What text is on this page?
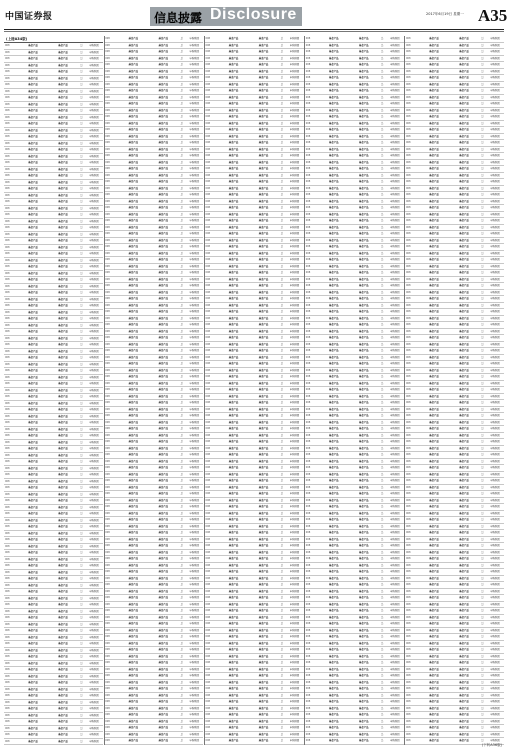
中国证券报	信息披露 Disclosure	2017年6月19日 星期一 A35
(上接A34版)
008	基金产品	基金产品	是	申购赎回
008	基金产品	基金产品	是	申购赎回
008	基金产品	基金产品	是	申购赎回
008	基金产品	基金产品	是	申购赎回
008	基金产品	基金产品	是	申购赎回
008	基金产品	基金产品	是	申购赎回
008	基金产品	基金产品	是	申购赎回
008	基金产品	基金产品	是	申购赎回
008	基金产品	基金产品	是	申购赎回
008	基金产品	基金产品	是	申购赎回
008	基金产品	基金产品	是	申购赎回
008	基金产品	基金产品	是	申购赎回
008	基金产品	基金产品	是	申购赎回
008	基金产品	基金产品	是	申购赎回
008	基金产品	基金产品	是	申购赎回
008	基金产品	基金产品	是	申购赎回
008	基金产品	基金产品	是	申购赎回
008	基金产品	基金产品	是	申购赎回
008	基金产品	基金产品	是	申购赎回
008	基金产品	基金产品	是	申购赎回
008	基金产品	基金产品	是	申购赎回
008	基金产品	基金产品	是	申购赎回
008	基金产品	基金产品	是	申购赎回
008	基金产品	基金产品	是	申购赎回
008	基金产品	基金产品	是	申购赎回
008	基金产品	基金产品	是	申购赎回
008	基金产品	基金产品	是	申购赎回
008	基金产品	基金产品	是	申购赎回
008	基金产品	基金产品	是	申购赎回
008	基金产品	基金产品	是	申购赎回
008	基金产品	基金产品	是	申购赎回
008	基金产品	基金产品	是	申购赎回
008	基金产品	基金产品	是	申购赎回
008	基金产品	基金产品	是	申购赎回
008	基金产品	基金产品	是	申购赎回
008	基金产品	基金产品	是	申购赎回
008	基金产品	基金产品	是	申购赎回
008	基金产品	基金产品	是	申购赎回
008	基金产品	基金产品	是	申购赎回
008	基金产品	基金产品	是	申购赎回
008	基金产品	基金产品	是	申购赎回
008	基金产品	基金产品	是	申购赎回
008	基金产品	基金产品	是	申购赎回
008	基金产品	基金产品	是	申购赎回
008	基金产品	基金产品	是	申购赎回
008	基金产品	基金产品	是	申购赎回
008	基金产品	基金产品	是	申购赎回
008	基金产品	基金产品	是	申购赎回
008	基金产品	基金产品	是	申购赎回
008	基金产品	基金产品	是	申购赎回
008	基金产品	基金产品	是	申购赎回
008	基金产品	基金产品	是	申购赎回
008	基金产品	基金产品	是	申购赎回
008	基金产品	基金产品	是	申购赎回
008	基金产品	基金产品	是	申购赎回
008	基金产品	基金产品	是	申购赎回
008	基金产品	基金产品	是	申购赎回
008	基金产品	基金产品	是	申购赎回
008	基金产品	基金产品	是	申购赎回
008	基金产品	基金产品	是	申购赎回
008	基金产品	基金产品	是	申购赎回
008	基金产品	基金产品	是	申购赎回
008	基金产品	基金产品	是	申购赎回
008	基金产品	基金产品	是	申购赎回
008	基金产品	基金产品	是	申购赎回
008	基金产品	基金产品	是	申购赎回
008	基金产品	基金产品	是	申购赎回
008	基金产品	基金产品	是	申购赎回
008	基金产品	基金产品	是	申购赎回
008	基金产品	基金产品	是	申购赎回
008	基金产品	基金产品	是	申购赎回
008	基金产品	基金产品	是	申购赎回
008	基金产品	基金产品	是	申购赎回
008	基金产品	基金产品	是	申购赎回
008	基金产品	基金产品	是	申购赎回
008	基金产品	基金产品	是	申购赎回
008	基金产品	基金产品	是	申购赎回
008	基金产品	基金产品	是	申购赎回
008	基金产品	基金产品	是	申购赎回
008	基金产品	基金产品	是	申购赎回
008	基金产品	基金产品	是	申购赎回
008	基金产品	基金产品	是	申购赎回
008	基金产品	基金产品	是	申购赎回
008	基金产品	基金产品	是	申购赎回
008	基金产品	基金产品	是	申购赎回
008	基金产品	基金产品	是	申购赎回
008	基金产品	基金产品	是	申购赎回
008	基金产品	基金产品	是	申购赎回
008	基金产品	基金产品	是	申购赎回
008	基金产品	基金产品	是	申购赎回
008	基金产品	基金产品	是	申购赎回
008	基金产品	基金产品	是	申购赎回
008	基金产品	基金产品	是	申购赎回
008	基金产品	基金产品	是	申购赎回
008	基金产品	基金产品	是	申购赎回
008	基金产品	基金产品	是	申购赎回
008	基金产品	基金产品	是	申购赎回
008	基金产品	基金产品	是	申购赎回
008	基金产品	基金产品	是	申购赎回
008	基金产品	基金产品	是	申购赎回
008	基金产品	基金产品	是	申购赎回
008	基金产品	基金产品	是	申购赎回
008	基金产品	基金产品	是	申购赎回
008	基金产品	基金产品	是	申购赎回
008	基金产品	基金产品	是	申购赎回
008	基金产品	基金产品	是	申购赎回
008	基金产品	基金产品	是	申购赎回
008	基金产品	基金产品	是	申购赎回

008	基金产品	基金产品	是	申购赎回
008	基金产品	基金产品	是	申购赎回
008	基金产品	基金产品	是	申购赎回
008	基金产品	基金产品	是	申购赎回
008	基金产品	基金产品	是	申购赎回
008	基金产品	基金产品	是	申购赎回
008	基金产品	基金产品	是	申购赎回
008	基金产品	基金产品	是	申购赎回
008	基金产品	基金产品	是	申购赎回
008	基金产品	基金产品	是	申购赎回
008	基金产品	基金产品	是	申购赎回
008	基金产品	基金产品	是	申购赎回
008	基金产品	基金产品	是	申购赎回
008	基金产品	基金产品	是	申购赎回
008	基金产品	基金产品	是	申购赎回
008	基金产品	基金产品	是	申购赎回
008	基金产品	基金产品	是	申购赎回
008	基金产品	基金产品	是	申购赎回
008	基金产品	基金产品	是	申购赎回
008	基金产品	基金产品	是	申购赎回
008	基金产品	基金产品	是	申购赎回
008	基金产品	基金产品	是	申购赎回
008	基金产品	基金产品	是	申购赎回
008	基金产品	基金产品	是	申购赎回
008	基金产品	基金产品	是	申购赎回
008	基金产品	基金产品	是	申购赎回
008	基金产品	基金产品	是	申购赎回
008	基金产品	基金产品	是	申购赎回
008	基金产品	基金产品	是	申购赎回
008	基金产品	基金产品	是	申购赎回
008	基金产品	基金产品	是	申购赎回
008	基金产品	基金产品	是	申购赎回
008	基金产品	基金产品	是	申购赎回
008	基金产品	基金产品	是	申购赎回
008	基金产品	基金产品	是	申购赎回
008	基金产品	基金产品	是	申购赎回
008	基金产品	基金产品	是	申购赎回
008	基金产品	基金产品	是	申购赎回
008	基金产品	基金产品	是	申购赎回
008	基金产品	基金产品	是	申购赎回
008	基金产品	基金产品	是	申购赎回
008	基金产品	基金产品	是	申购赎回
008	基金产品	基金产品	是	申购赎回
008	基金产品	基金产品	是	申购赎回
008	基金产品	基金产品	是	申购赎回
008	基金产品	基金产品	是	申购赎回
008	基金产品	基金产品	是	申购赎回
008	基金产品	基金产品	是	申购赎回
008	基金产品	基金产品	是	申购赎回
008	基金产品	基金产品	是	申购赎回
008	基金产品	基金产品	是	申购赎回
008	基金产品	基金产品	是	申购赎回
008	基金产品	基金产品	是	申购赎回
008	基金产品	基金产品	是	申购赎回
008	基金产品	基金产品	是	申购赎回
008	基金产品	基金产品	是	申购赎回
008	基金产品	基金产品	是	申购赎回
008	基金产品	基金产品	是	申购赎回
008	基金产品	基金产品	是	申购赎回
008	基金产品	基金产品	是	申购赎回
008	基金产品	基金产品	是	申购赎回
008	基金产品	基金产品	是	申购赎回
008	基金产品	基金产品	是	申购赎回
008	基金产品	基金产品	是	申购赎回
008	基金产品	基金产品	是	申购赎回
008	基金产品	基金产品	是	申购赎回
008	基金产品	基金产品	是	申购赎回
008	基金产品	基金产品	是	申购赎回
008	基金产品	基金产品	是	申购赎回
008	基金产品	基金产品	是	申购赎回
008	基金产品	基金产品	是	申购赎回
008	基金产品	基金产品	是	申购赎回
008	基金产品	基金产品	是	申购赎回
008	基金产品	基金产品	是	申购赎回
008	基金产品	基金产品	是	申购赎回
008	基金产品	基金产品	是	申购赎回
008	基金产品	基金产品	是	申购赎回
008	基金产品	基金产品	是	申购赎回
008	基金产品	基金产品	是	申购赎回
008	基金产品	基金产品	是	申购赎回
008	基金产品	基金产品	是	申购赎回
008	基金产品	基金产品	是	申购赎回
008	基金产品	基金产品	是	申购赎回
008	基金产品	基金产品	是	申购赎回
008	基金产品	基金产品	是	申购赎回
008	基金产品	基金产品	是	申购赎回
008	基金产品	基金产品	是	申购赎回
008	基金产品	基金产品	是	申购赎回
008	基金产品	基金产品	是	申购赎回
008	基金产品	基金产品	是	申购赎回
008	基金产品	基金产品	是	申购赎回
008	基金产品	基金产品	是	申购赎回
008	基金产品	基金产品	是	申购赎回
008	基金产品	基金产品	是	申购赎回
008	基金产品	基金产品	是	申购赎回
008	基金产品	基金产品	是	申购赎回
008	基金产品	基金产品	是	申购赎回
008	基金产品	基金产品	是	申购赎回
008	基金产品	基金产品	是	申购赎回
008	基金产品	基金产品	是	申购赎回
008	基金产品	基金产品	是	申购赎回
008	基金产品	基金产品	是	申购赎回
008	基金产品	基金产品	是	申购赎回
008	基金产品	基金产品	是	申购赎回
008	基金产品	基金产品	是	申购赎回
008	基金产品	基金产品	是	申购赎回
008	基金产品	基金产品	是	申购赎回
008	基金产品	基金产品	是	申购赎回
008	基金产品	基金产品	是	申购赎回

008	基金产品	基金产品	是	申购赎回
008	基金产品	基金产品	是	申购赎回
008	基金产品	基金产品	是	申购赎回
008	基金产品	基金产品	是	申购赎回
008	基金产品	基金产品	是	申购赎回
008	基金产品	基金产品	是	申购赎回
008	基金产品	基金产品	是	申购赎回
008	基金产品	基金产品	是	申购赎回
008	基金产品	基金产品	是	申购赎回
008	基金产品	基金产品	是	申购赎回
008	基金产品	基金产品	是	申购赎回
008	基金产品	基金产品	是	申购赎回
008	基金产品	基金产品	是	申购赎回
008	基金产品	基金产品	是	申购赎回
008	基金产品	基金产品	是	申购赎回
008	基金产品	基金产品	是	申购赎回
008	基金产品	基金产品	是	申购赎回
008	基金产品	基金产品	是	申购赎回
008	基金产品	基金产品	是	申购赎回
008	基金产品	基金产品	是	申购赎回
008	基金产品	基金产品	是	申购赎回
008	基金产品	基金产品	是	申购赎回
008	基金产品	基金产品	是	申购赎回
008	基金产品	基金产品	是	申购赎回
008	基金产品	基金产品	是	申购赎回
008	基金产品	基金产品	是	申购赎回
008	基金产品	基金产品	是	申购赎回
008	基金产品	基金产品	是	申购赎回
008	基金产品	基金产品	是	申购赎回
008	基金产品	基金产品	是	申购赎回
008	基金产品	基金产品	是	申购赎回
008	基金产品	基金产品	是	申购赎回
008	基金产品	基金产品	是	申购赎回
008	基金产品	基金产品	是	申购赎回
008	基金产品	基金产品	是	申购赎回
008	基金产品	基金产品	是	申购赎回
008	基金产品	基金产品	是	申购赎回
008	基金产品	基金产品	是	申购赎回
008	基金产品	基金产品	是	申购赎回
008	基金产品	基金产品	是	申购赎回
008	基金产品	基金产品	是	申购赎回
008	基金产品	基金产品	是	申购赎回
008	基金产品	基金产品	是	申购赎回
008	基金产品	基金产品	是	申购赎回
008	基金产品	基金产品	是	申购赎回
008	基金产品	基金产品	是	申购赎回
008	基金产品	基金产品	是	申购赎回
008	基金产品	基金产品	是	申购赎回
008	基金产品	基金产品	是	申购赎回
008	基金产品	基金产品	是	申购赎回
008	基金产品	基金产品	是	申购赎回
008	基金产品	基金产品	是	申购赎回
008	基金产品	基金产品	是	申购赎回
008	基金产品	基金产品	是	申购赎回
008	基金产品	基金产品	是	申购赎回
008	基金产品	基金产品	是	申购赎回
008	基金产品	基金产品	是	申购赎回
008	基金产品	基金产品	是	申购赎回
008	基金产品	基金产品	是	申购赎回
008	基金产品	基金产品	是	申购赎回
008	基金产品	基金产品	是	申购赎回
008	基金产品	基金产品	是	申购赎回
008	基金产品	基金产品	是	申购赎回
008	基金产品	基金产品	是	申购赎回
008	基金产品	基金产品	是	申购赎回
008	基金产品	基金产品	是	申购赎回
008	基金产品	基金产品	是	申购赎回
008	基金产品	基金产品	是	申购赎回
008	基金产品	基金产品	是	申购赎回
008	基金产品	基金产品	是	申购赎回
008	基金产品	基金产品	是	申购赎回
008	基金产品	基金产品	是	申购赎回
008	基金产品	基金产品	是	申购赎回
008	基金产品	基金产品	是	申购赎回
008	基金产品	基金产品	是	申购赎回
008	基金产品	基金产品	是	申购赎回
008	基金产品	基金产品	是	申购赎回
008	基金产品	基金产品	是	申购赎回
008	基金产品	基金产品	是	申购赎回
008	基金产品	基金产品	是	申购赎回
008	基金产品	基金产品	是	申购赎回
008	基金产品	基金产品	是	申购赎回
008	基金产品	基金产品	是	申购赎回
008	基金产品	基金产品	是	申购赎回
008	基金产品	基金产品	是	申购赎回
008	基金产品	基金产品	是	申购赎回
008	基金产品	基金产品	是	申购赎回
008	基金产品	基金产品	是	申购赎回
008	基金产品	基金产品	是	申购赎回
008	基金产品	基金产品	是	申购赎回
008	基金产品	基金产品	是	申购赎回
008	基金产品	基金产品	是	申购赎回
008	基金产品	基金产品	是	申购赎回
008	基金产品	基金产品	是	申购赎回
008	基金产品	基金产品	是	申购赎回
008	基金产品	基金产品	是	申购赎回
008	基金产品	基金产品	是	申购赎回
008	基金产品	基金产品	是	申购赎回
008	基金产品	基金产品	是	申购赎回
008	基金产品	基金产品	是	申购赎回
008	基金产品	基金产品	是	申购赎回
008	基金产品	基金产品	是	申购赎回
008	基金产品	基金产品	是	申购赎回
008	基金产品	基金产品	是	申购赎回
008	基金产品	基金产品	是	申购赎回
008	基金产品	基金产品	是	申购赎回
008	基金产品	基金产品	是	申购赎回
008	基金产品	基金产品	是	申购赎回
008	基金产品	基金产品	是	申购赎回

008	基金产品	基金产品	是	申购赎回
008	基金产品	基金产品	是	申购赎回
008	基金产品	基金产品	是	申购赎回
008	基金产品	基金产品	是	申购赎回
008	基金产品	基金产品	是	申购赎回
008	基金产品	基金产品	是	申购赎回
008	基金产品	基金产品	是	申购赎回
008	基金产品	基金产品	是	申购赎回
008	基金产品	基金产品	是	申购赎回
008	基金产品	基金产品	是	申购赎回
008	基金产品	基金产品	是	申购赎回
008	基金产品	基金产品	是	申购赎回
008	基金产品	基金产品	是	申购赎回
008	基金产品	基金产品	是	申购赎回
008	基金产品	基金产品	是	申购赎回
008	基金产品	基金产品	是	申购赎回
008	基金产品	基金产品	是	申购赎回
008	基金产品	基金产品	是	申购赎回
008	基金产品	基金产品	是	申购赎回
008	基金产品	基金产品	是	申购赎回
008	基金产品	基金产品	是	申购赎回
008	基金产品	基金产品	是	申购赎回
008	基金产品	基金产品	是	申购赎回
008	基金产品	基金产品	是	申购赎回
008	基金产品	基金产品	是	申购赎回
008	基金产品	基金产品	是	申购赎回
008	基金产品	基金产品	是	申购赎回
008	基金产品	基金产品	是	申购赎回
008	基金产品	基金产品	是	申购赎回
008	基金产品	基金产品	是	申购赎回
008	基金产品	基金产品	是	申购赎回
008	基金产品	基金产品	是	申购赎回
008	基金产品	基金产品	是	申购赎回
008	基金产品	基金产品	是	申购赎回
008	基金产品	基金产品	是	申购赎回
008	基金产品	基金产品	是	申购赎回
008	基金产品	基金产品	是	申购赎回
008	基金产品	基金产品	是	申购赎回
008	基金产品	基金产品	是	申购赎回
008	基金产品	基金产品	是	申购赎回
008	基金产品	基金产品	是	申购赎回
008	基金产品	基金产品	是	申购赎回
008	基金产品	基金产品	是	申购赎回
008	基金产品	基金产品	是	申购赎回
008	基金产品	基金产品	是	申购赎回
008	基金产品	基金产品	是	申购赎回
008	基金产品	基金产品	是	申购赎回
008	基金产品	基金产品	是	申购赎回
008	基金产品	基金产品	是	申购赎回
008	基金产品	基金产品	是	申购赎回
008	基金产品	基金产品	是	申购赎回
008	基金产品	基金产品	是	申购赎回
008	基金产品	基金产品	是	申购赎回
008	基金产品	基金产品	是	申购赎回
008	基金产品	基金产品	是	申购赎回
008	基金产品	基金产品	是	申购赎回
008	基金产品	基金产品	是	申购赎回
008	基金产品	基金产品	是	申购赎回
008	基金产品	基金产品	是	申购赎回
008	基金产品	基金产品	是	申购赎回
008	基金产品	基金产品	是	申购赎回
008	基金产品	基金产品	是	申购赎回
008	基金产品	基金产品	是	申购赎回
008	基金产品	基金产品	是	申购赎回
008	基金产品	基金产品	是	申购赎回
008	基金产品	基金产品	是	申购赎回
008	基金产品	基金产品	是	申购赎回
008	基金产品	基金产品	是	申购赎回
008	基金产品	基金产品	是	申购赎回
008	基金产品	基金产品	是	申购赎回
008	基金产品	基金产品	是	申购赎回
008	基金产品	基金产品	是	申购赎回
008	基金产品	基金产品	是	申购赎回
008	基金产品	基金产品	是	申购赎回
008	基金产品	基金产品	是	申购赎回
008	基金产品	基金产品	是	申购赎回
008	基金产品	基金产品	是	申购赎回
008	基金产品	基金产品	是	申购赎回
008	基金产品	基金产品	是	申购赎回
008	基金产品	基金产品	是	申购赎回
008	基金产品	基金产品	是	申购赎回
008	基金产品	基金产品	是	申购赎回
008	基金产品	基金产品	是	申购赎回
008	基金产品	基金产品	是	申购赎回
008	基金产品	基金产品	是	申购赎回
008	基金产品	基金产品	是	申购赎回
008	基金产品	基金产品	是	申购赎回
008	基金产品	基金产品	是	申购赎回
008	基金产品	基金产品	是	申购赎回
008	基金产品	基金产品	是	申购赎回
008	基金产品	基金产品	是	申购赎回
008	基金产品	基金产品	是	申购赎回
008	基金产品	基金产品	是	申购赎回
008	基金产品	基金产品	是	申购赎回
008	基金产品	基金产品	是	申购赎回
008	基金产品	基金产品	是	申购赎回
008	基金产品	基金产品	是	申购赎回
008	基金产品	基金产品	是	申购赎回
008	基金产品	基金产品	是	申购赎回
008	基金产品	基金产品	是	申购赎回
008	基金产品	基金产品	是	申购赎回
008	基金产品	基金产品	是	申购赎回
008	基金产品	基金产品	是	申购赎回
008	基金产品	基金产品	是	申购赎回
008	基金产品	基金产品	是	申购赎回
008	基金产品	基金产品	是	申购赎回
008	基金产品	基金产品	是	申购赎回
008	基金产品	基金产品	是	申购赎回
008	基金产品	基金产品	是	申购赎回

008	基金产品	基金产品	是	申购赎回
008	基金产品	基金产品	是	申购赎回
008	基金产品	基金产品	是	申购赎回
008	基金产品	基金产品	是	申购赎回
008	基金产品	基金产品	是	申购赎回
008	基金产品	基金产品	是	申购赎回
008	基金产品	基金产品	是	申购赎回
008	基金产品	基金产品	是	申购赎回
008	基金产品	基金产品	是	申购赎回
008	基金产品	基金产品	是	申购赎回
008	基金产品	基金产品	是	申购赎回
008	基金产品	基金产品	是	申购赎回
008	基金产品	基金产品	是	申购赎回
008	基金产品	基金产品	是	申购赎回
008	基金产品	基金产品	是	申购赎回
008	基金产品	基金产品	是	申购赎回
008	基金产品	基金产品	是	申购赎回
008	基金产品	基金产品	是	申购赎回
008	基金产品	基金产品	是	申购赎回
008	基金产品	基金产品	是	申购赎回
008	基金产品	基金产品	是	申购赎回
008	基金产品	基金产品	是	申购赎回
008	基金产品	基金产品	是	申购赎回
008	基金产品	基金产品	是	申购赎回
008	基金产品	基金产品	是	申购赎回
008	基金产品	基金产品	是	申购赎回
008	基金产品	基金产品	是	申购赎回
008	基金产品	基金产品	是	申购赎回
008	基金产品	基金产品	是	申购赎回
008	基金产品	基金产品	是	申购赎回
008	基金产品	基金产品	是	申购赎回
008	基金产品	基金产品	是	申购赎回
008	基金产品	基金产品	是	申购赎回
008	基金产品	基金产品	是	申购赎回
008	基金产品	基金产品	是	申购赎回
008	基金产品	基金产品	是	申购赎回
008	基金产品	基金产品	是	申购赎回
008	基金产品	基金产品	是	申购赎回
008	基金产品	基金产品	是	申购赎回
008	基金产品	基金产品	是	申购赎回
008	基金产品	基金产品	是	申购赎回
008	基金产品	基金产品	是	申购赎回
008	基金产品	基金产品	是	申购赎回
008	基金产品	基金产品	是	申购赎回
008	基金产品	基金产品	是	申购赎回
008	基金产品	基金产品	是	申购赎回
008	基金产品	基金产品	是	申购赎回
008	基金产品	基金产品	是	申购赎回
008	基金产品	基金产品	是	申购赎回
008	基金产品	基金产品	是	申购赎回
008	基金产品	基金产品	是	申购赎回
008	基金产品	基金产品	是	申购赎回
008	基金产品	基金产品	是	申购赎回
008	基金产品	基金产品	是	申购赎回
008	基金产品	基金产品	是	申购赎回
008	基金产品	基金产品	是	申购赎回
008	基金产品	基金产品	是	申购赎回
008	基金产品	基金产品	是	申购赎回
008	基金产品	基金产品	是	申购赎回
008	基金产品	基金产品	是	申购赎回
008	基金产品	基金产品	是	申购赎回
008	基金产品	基金产品	是	申购赎回
008	基金产品	基金产品	是	申购赎回
008	基金产品	基金产品	是	申购赎回
008	基金产品	基金产品	是	申购赎回
008	基金产品	基金产品	是	申购赎回
008	基金产品	基金产品	是	申购赎回
008	基金产品	基金产品	是	申购赎回
008	基金产品	基金产品	是	申购赎回
008	基金产品	基金产品	是	申购赎回
008	基金产品	基金产品	是	申购赎回
008	基金产品	基金产品	是	申购赎回
008	基金产品	基金产品	是	申购赎回
008	基金产品	基金产品	是	申购赎回
008	基金产品	基金产品	是	申购赎回
008	基金产品	基金产品	是	申购赎回
008	基金产品	基金产品	是	申购赎回
008	基金产品	基金产品	是	申购赎回
008	基金产品	基金产品	是	申购赎回
008	基金产品	基金产品	是	申购赎回
008	基金产品	基金产品	是	申购赎回
008	基金产品	基金产品	是	申购赎回
008	基金产品	基金产品	是	申购赎回
008	基金产品	基金产品	是	申购赎回
008	基金产品	基金产品	是	申购赎回
008	基金产品	基金产品	是	申购赎回
008	基金产品	基金产品	是	申购赎回
008	基金产品	基金产品	是	申购赎回
008	基金产品	基金产品	是	申购赎回
008	基金产品	基金产品	是	申购赎回
008	基金产品	基金产品	是	申购赎回
008	基金产品	基金产品	是	申购赎回
008	基金产品	基金产品	是	申购赎回
008	基金产品	基金产品	是	申购赎回
008	基金产品	基金产品	是	申购赎回
008	基金产品	基金产品	是	申购赎回
008	基金产品	基金产品	是	申购赎回
008	基金产品	基金产品	是	申购赎回
008	基金产品	基金产品	是	申购赎回
008	基金产品	基金产品	是	申购赎回
008	基金产品	基金产品	是	申购赎回
008	基金产品	基金产品	是	申购赎回
008	基金产品	基金产品	是	申购赎回
008	基金产品	基金产品	是	申购赎回
008	基金产品	基金产品	是	申购赎回
008	基金产品	基金产品	是	申购赎回
008	基金产品	基金产品	是	申购赎回
008	基金产品	基金产品	是	申购赎回
008	基金产品	基金产品	是	申购赎回

(下转A36版)
